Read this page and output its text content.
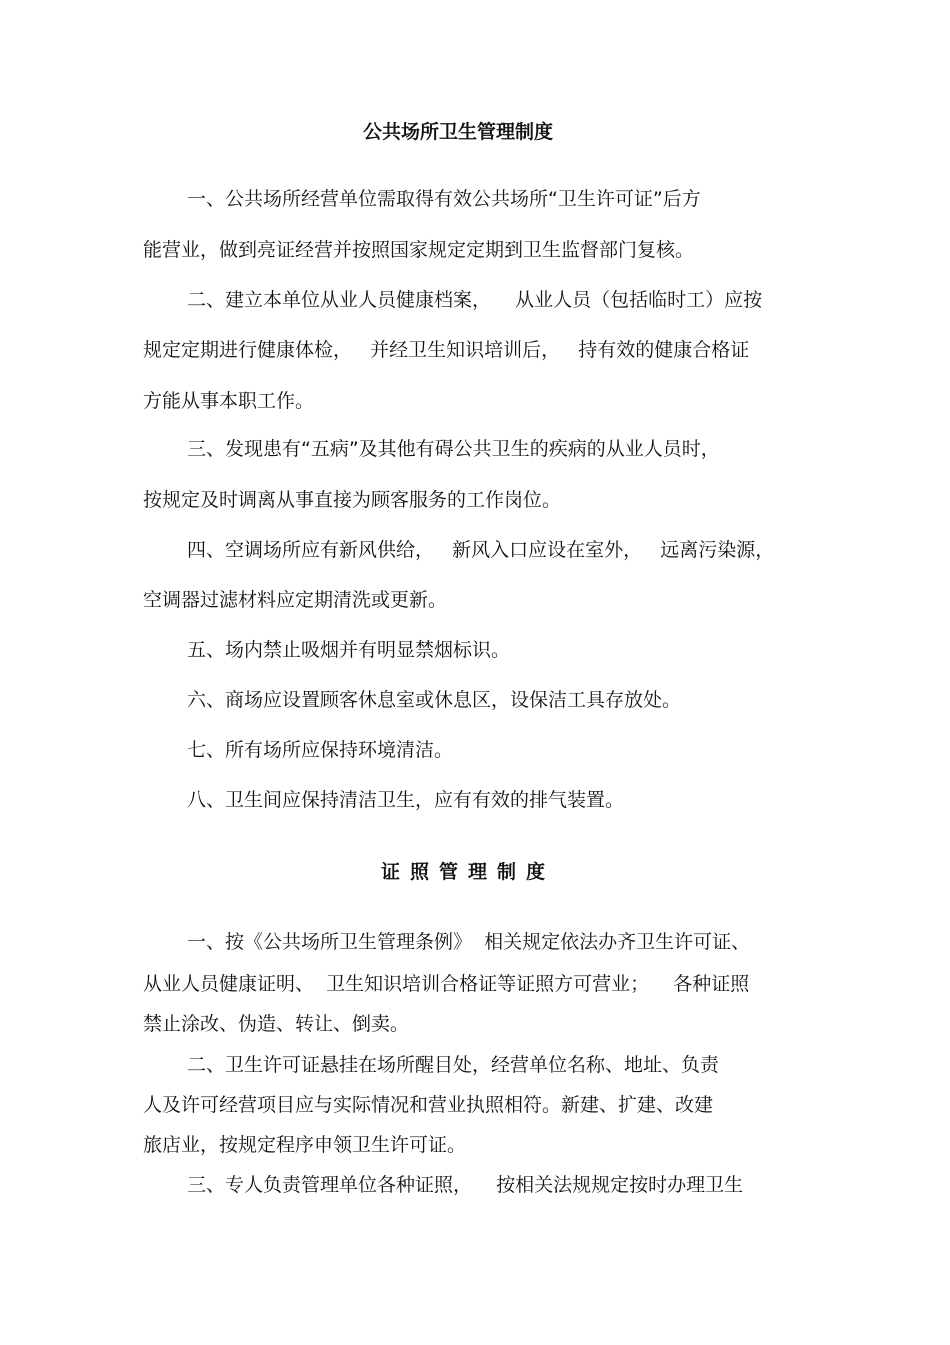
公共场所卫生管理制度

一、公共场所经营单位需取得有效公共场所“卫生许可证”后方

能营业，做到亮证经营并按照国家规定定期到卫生监督部门复核。

二、建立本单位从业人员健康档案，    从业人员（包括临时工）应按

规定定期进行健康体检，   并经卫生知识培训后，   持有效的健康合格证

方能从事本职工作。

三、发现患有“五病”及其他有碍公共卫生的疾病的从业人员时，

按规定及时调离从事直接为顾客服务的工作岗位。

四、空调场所应有新风供给，   新风入口应设在室外，   远离污染源，

空调器过滤材料应定期清洗或更新。

五、场内禁止吸烟并有明显禁烟标识。

六、商场应设置顾客休息室或休息区，设保洁工具存放处。

七、所有场所应保持环境清洁。

八、卫生间应保持清洁卫生，应有有效的排气装置。

证照管理制度

一、按《公共场所卫生管理条例》  相关规定依法办齐卫生许可证、

从业人员健康证明、  卫生知识培训合格证等证照方可营业；    各种证照

禁止涂改、伪造、转让、倒卖。

二、卫生许可证悬挂在场所醒目处，经营单位名称、地址、负责

人及许可经营项目应与实际情况和营业执照相符。新建、扩建、改建

旅店业，按规定程序申领卫生许可证。

三、专人负责管理单位各种证照，    按相关法规规定按时办理卫生
